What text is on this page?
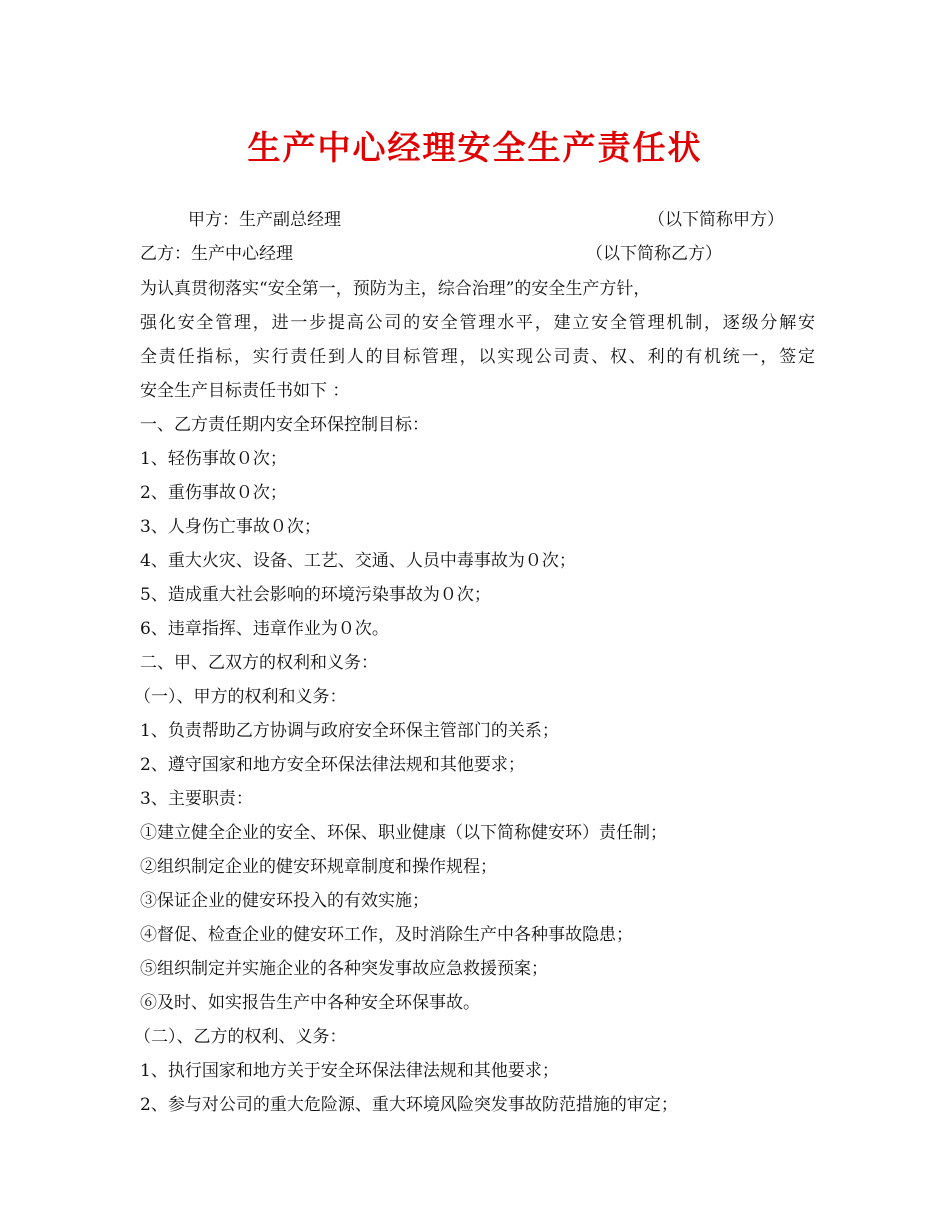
生产中心经理安全生产责任状
甲方：生产副总经理	（以下简称甲方）
乙方：生产中心经理	（以下简称乙方）
为认真贯彻落实“安全第一，预防为主，综合治理”的安全生产方针，
强化安全管理，进一步提高公司的安全管理水平，建立安全管理机制，逐级分解安
全责任指标，实行责任到人的目标管理，以实现公司责、权、利的有机统一，签定
安全生产目标责任书如下 ：
一、乙方责任期内安全环保控制目标：
1、轻伤事故０次；
2、重伤事故０次；
3、人身伤亡事故０次；
4、重大火灾、设备、工艺、交通、人员中毒事故为０次；
5、造成重大社会影响的环境污染事故为０次；
6、违章指挥、违章作业为０次。
二、甲、乙双方的权利和义务：
（一）、甲方的权利和义务：
1、负责帮助乙方协调与政府安全环保主管部门的关系；
2、遵守国家和地方安全环保法律法规和其他要求；
3、主要职责：
①建立健全企业的安全、环保、职业健康（以下简称健安环）责任制；
②组织制定企业的健安环规章制度和操作规程；
③保证企业的健安环投入的有效实施；
④督促、检查企业的健安环工作，及时消除生产中各种事故隐患；
⑤组织制定并实施企业的各种突发事故应急救援预案；
⑥及时、如实报告生产中各种安全环保事故。
（二）、乙方的权利、义务：
1、执行国家和地方关于安全环保法律法规和其他要求；
2、参与对公司的重大危险源、重大环境风险突发事故防范措施的审定；
